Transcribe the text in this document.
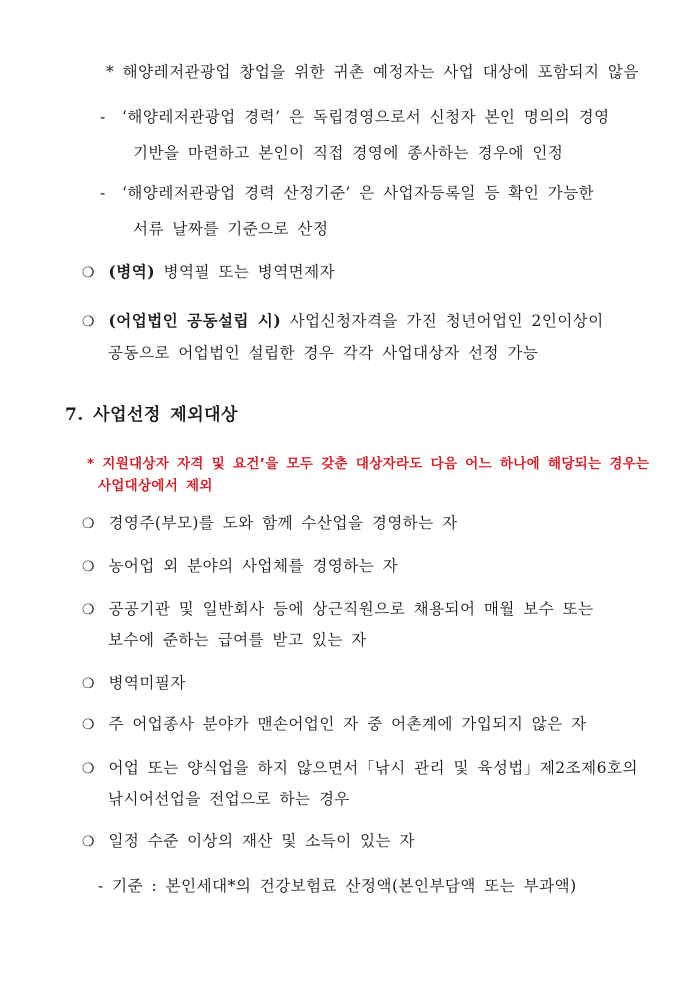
* 해양레저관광업 창업을 위한 귀촌 예정자는 사업 대상에 포함되지 않음
- ‘해양레저관광업 경력’ 은 독립경영으로서 신청자 본인 명의의 경영
기반을 마련하고 본인이 직접 경영에 종사하는 경우에 인정
- ‘해양레저관광업 경력 산정기준’ 은 사업자등록일 등 확인 가능한
서류 날짜를 기준으로 산정
❍ (병역) 병역필 또는 병역면제자
❍ (어업법인 공동설립 시) 사업신청자격을 가진 청년어업인 2인이상이
공동으로 어업법인 설립한 경우 각각 사업대상자 선정 가능
7. 사업선정 제외대상
* 지원대상자 자격 및 요건’을 모두 갖춘 대상자라도 다음 어느 하나에 해당되는 경우는
사업대상에서 제외
❍ 경영주(부모)를 도와 함께 수산업을 경영하는 자
❍ 농어업 외 분야의 사업체를 경영하는 자
❍ 공공기관 및 일반회사 등에 상근직원으로 채용되어 매월 보수 또는
보수에 준하는 급여를 받고 있는 자
❍ 병역미필자
❍ 주 어업종사 분야가 맨손어업인 자 중 어촌계에 가입되지 않은 자
❍ 어업 또는 양식업을 하지 않으면서「낚시 관리 및 육성법」제2조제6호의
낚시어선업을 전업으로 하는 경우
❍ 일정 수준 이상의 재산 및 소득이 있는 자
- 기준 : 본인세대*의 건강보험료 산정액(본인부담액 또는 부과액)
